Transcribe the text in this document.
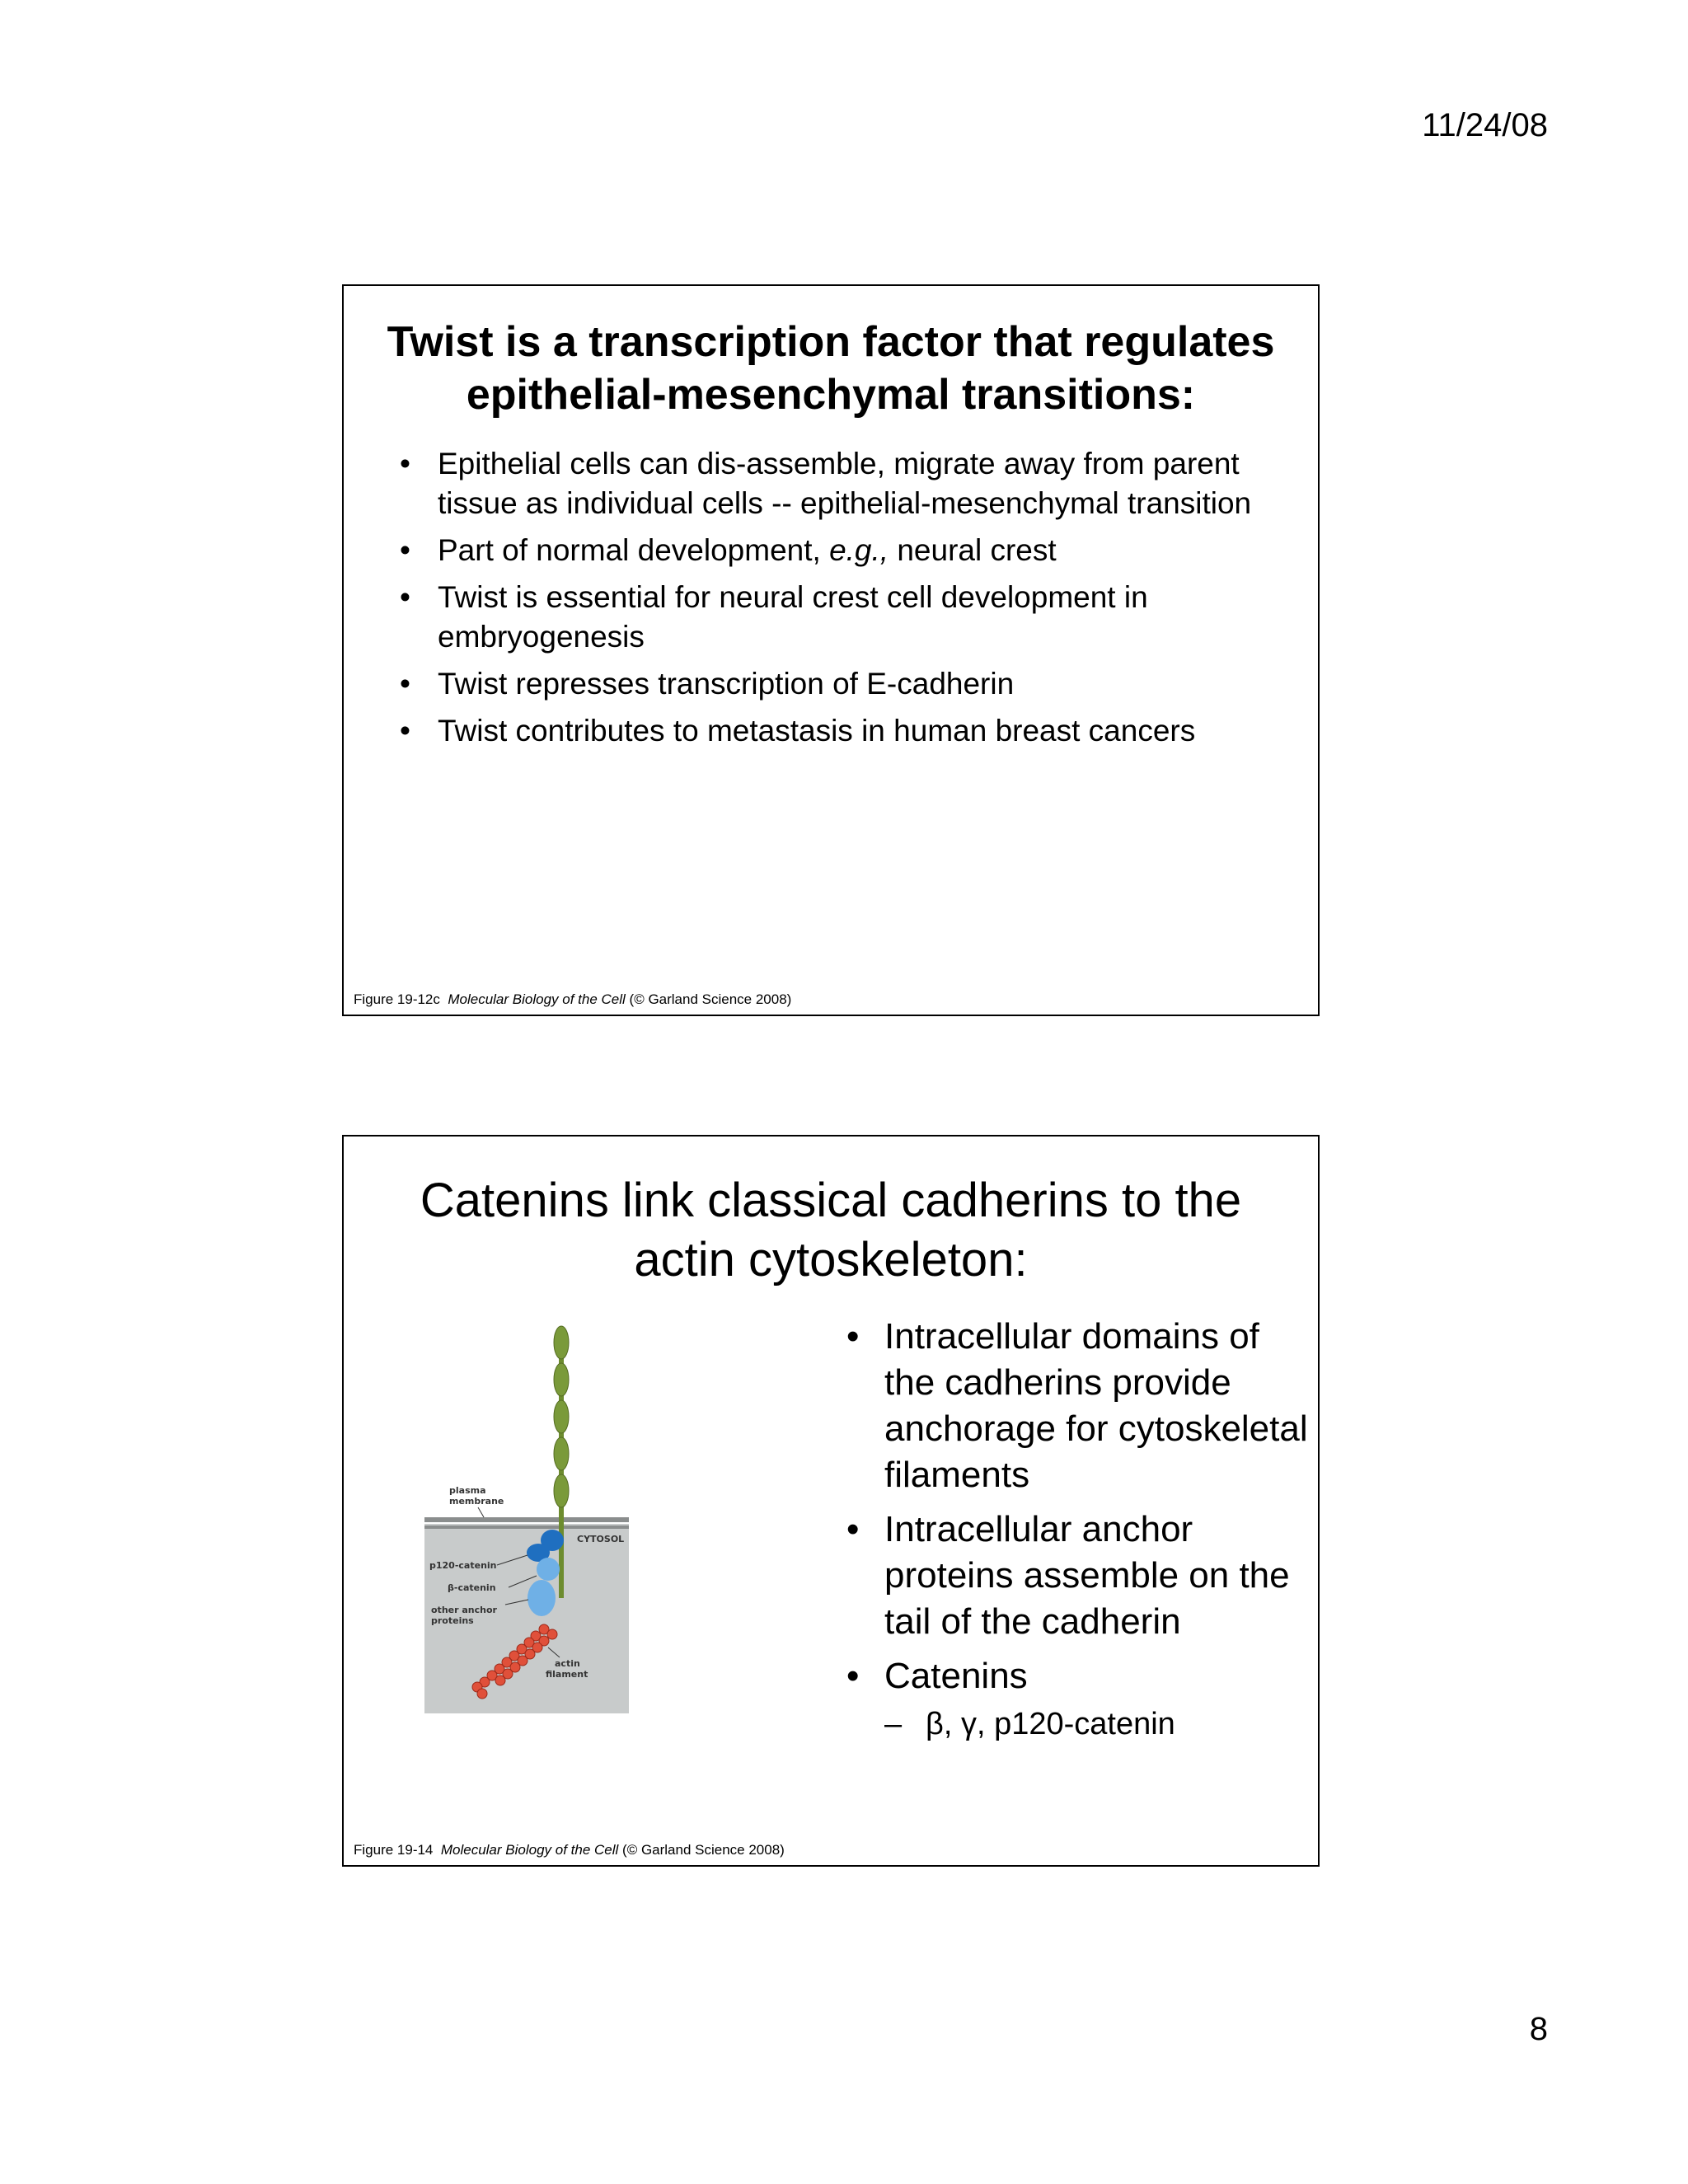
11/24/08
Twist is a transcription factor that regulates
epithelial-mesenchymal transitions:
• Epithelial cells can dis-assemble, migrate away from parent tissue as individual cells -- epithelial-mesenchymal transition
• Part of normal development, e.g., neural crest
• Twist is essential for neural crest cell development in embryogenesis
• Twist represses transcription of E-cadherin
• Twist contributes to metastasis in human breast cancers
Figure 19-12c Molecular Biology of the Cell (© Garland Science 2008)
Catenins link classical cadherins to the
actin cytoskeleton:
plasma
membrane
CYTOSOL
p120-catenin
β-catenin
other anchor
proteins
actin
filament
• Intracellular domains of the cadherins provide anchorage for cytoskeletal filaments
• Intracellular anchor proteins assemble on the tail of the cadherin
• Catenins
– β, γ, p120-catenin
Figure 19-14 Molecular Biology of the Cell (© Garland Science 2008)
8
